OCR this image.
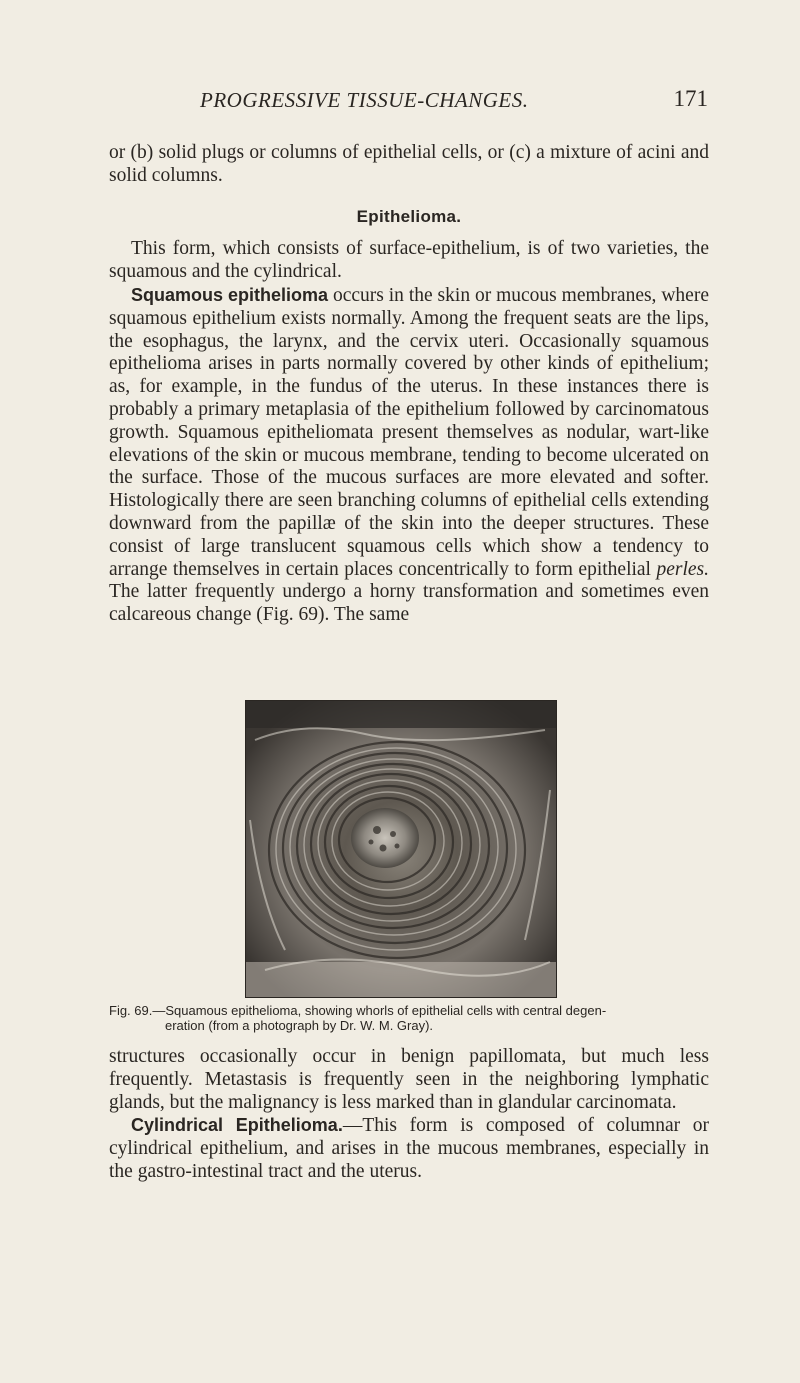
PROGRESSIVE TISSUE-CHANGES.	171

or (b) solid plugs or columns of epithelial cells, or (c) a mixture of acini and solid columns.

Epithelioma.

This form, which consists of surface-epithelium, is of two varieties, the squamous and the cylindrical.

Squamous epithelioma occurs in the skin or mucous membranes, where squamous epithelium exists normally. Among the frequent seats are the lips, the esophagus, the larynx, and the cervix uteri. Occasionally squamous epithelioma arises in parts normally covered by other kinds of epithelium; as, for example, in the fundus of the uterus. In these instances there is probably a primary metaplasia of the epithelium followed by carcinomatous growth. Squamous epitheliomata present themselves as nodular, wart-like elevations of the skin or mucous membrane, tending to become ulcerated on the surface. Those of the mucous surfaces are more elevated and softer. Histologically there are seen branching columns of epithelial cells extending downward from the papillæ of the skin into the deeper structures. These consist of large translucent squamous cells which show a tendency to arrange themselves in certain places concentrically to form epithelial perles. The latter frequently undergo a horny transformation and sometimes even calcareous change (Fig. 69). The same

Fig. 69.—Squamous epithelioma, showing whorls of epithelial cells with central degen-
eration (from a photograph by Dr. W. M. Gray).

structures occasionally occur in benign papillomata, but much less frequently. Metastasis is frequently seen in the neighboring lymphatic glands, but the malignancy is less marked than in glandular carcinomata.

Cylindrical Epithelioma.—This form is composed of columnar or cylindrical epithelium, and arises in the mucous membranes, especially in the gastro-intestinal tract and the uterus.
